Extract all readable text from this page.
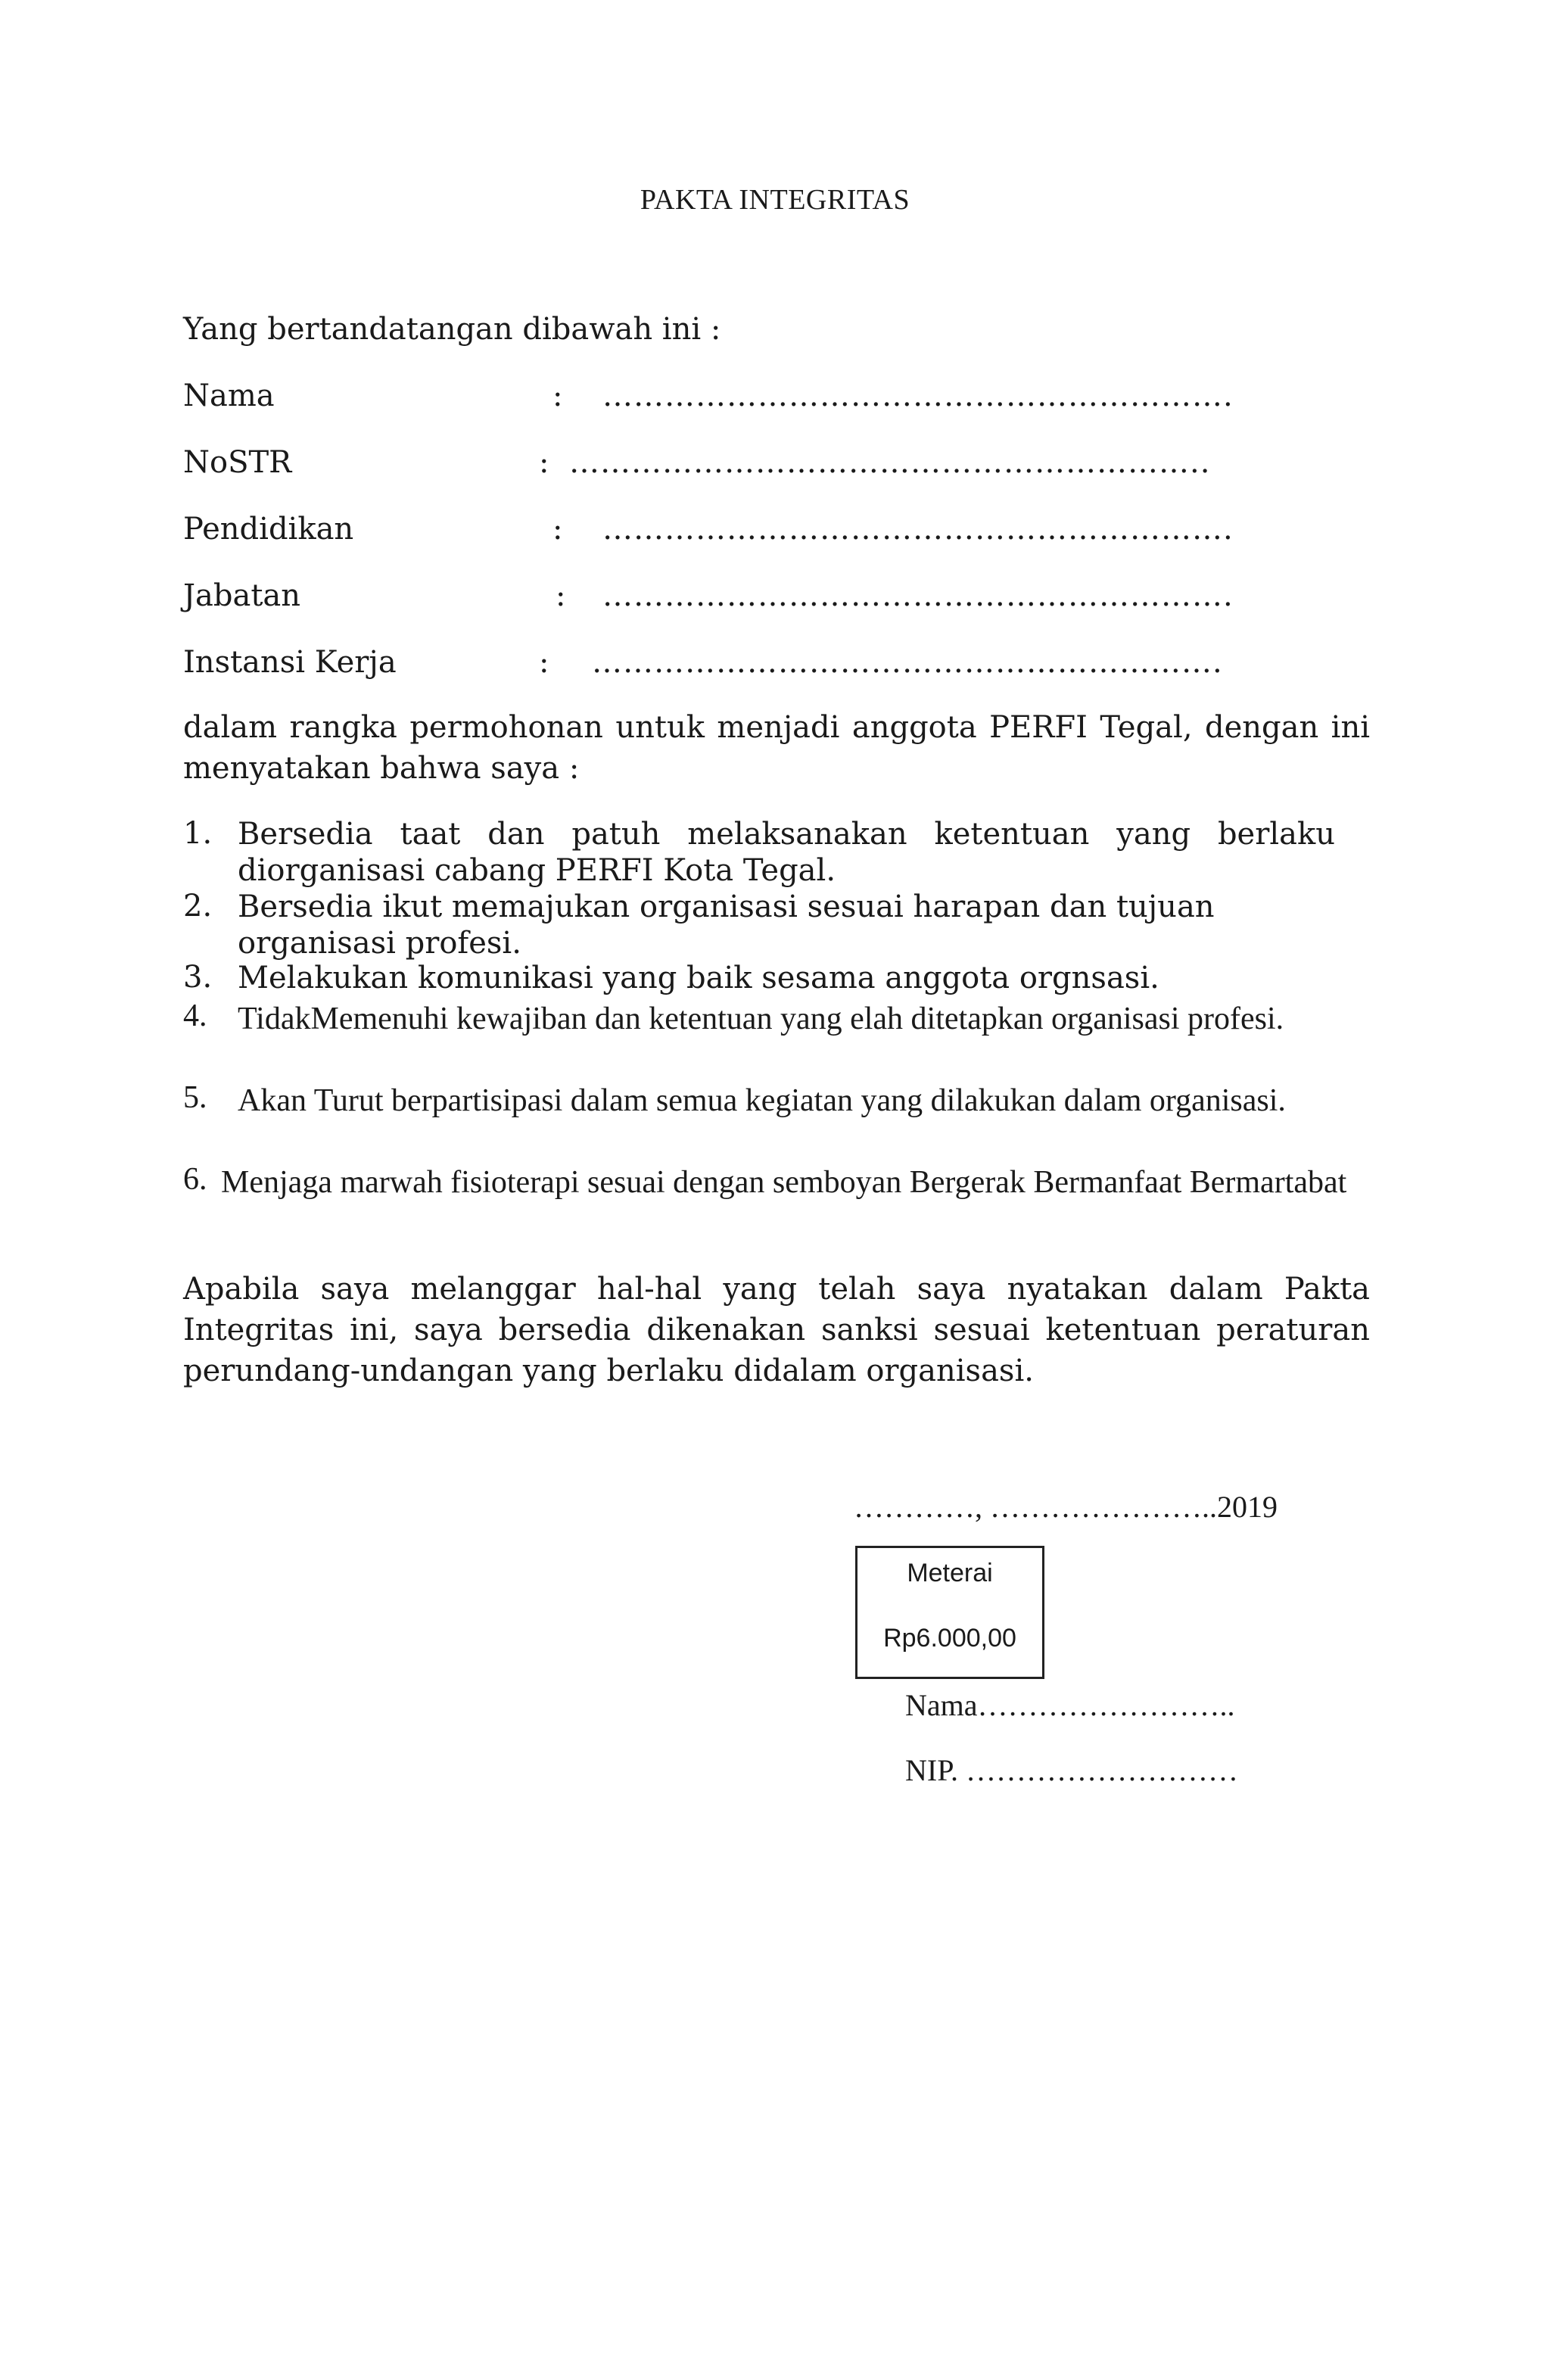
PAKTA INTEGRITAS
Yang bertandatangan dibawah ini :
Nama	: …………………………………………………….
NoSTR	: ……………………………………………………..
Pendidikan	: …………………………………………………….
Jabatan	: …………………………………………………….
Instansi Kerja	: …………………………………………………….
dalam rangka permohonan untuk menjadi anggota PERFI Tegal, dengan ini menyatakan bahwa saya :
1. Bersedia taat dan patuh melaksanakan ketentuan yang berlaku diorganisasi cabang PERFI Kota Tegal.
2. Bersedia ikut memajukan organisasi sesuai harapan dan tujuan organisasi profesi.
3. Melakukan komunikasi yang baik sesama anggota orgnsasi.
4. TidakMemenuhi kewajiban dan ketentuan yang elah ditetapkan organisasi profesi.
5. Akan Turut berpartisipasi dalam semua kegiatan yang dilakukan dalam organisasi.
6. Menjaga marwah fisioterapi sesuai dengan semboyan Bergerak Bermanfaat Bermartabat
Apabila saya melanggar hal-hal yang telah saya nyatakan dalam Pakta Integritas ini, saya bersedia dikenakan sanksi sesuai ketentuan peraturan perundang-undangan yang berlaku didalam organisasi.
…………, …………………..2019
Meterai
Rp6.000,00
Nama……………………..
NIP. ………………………
